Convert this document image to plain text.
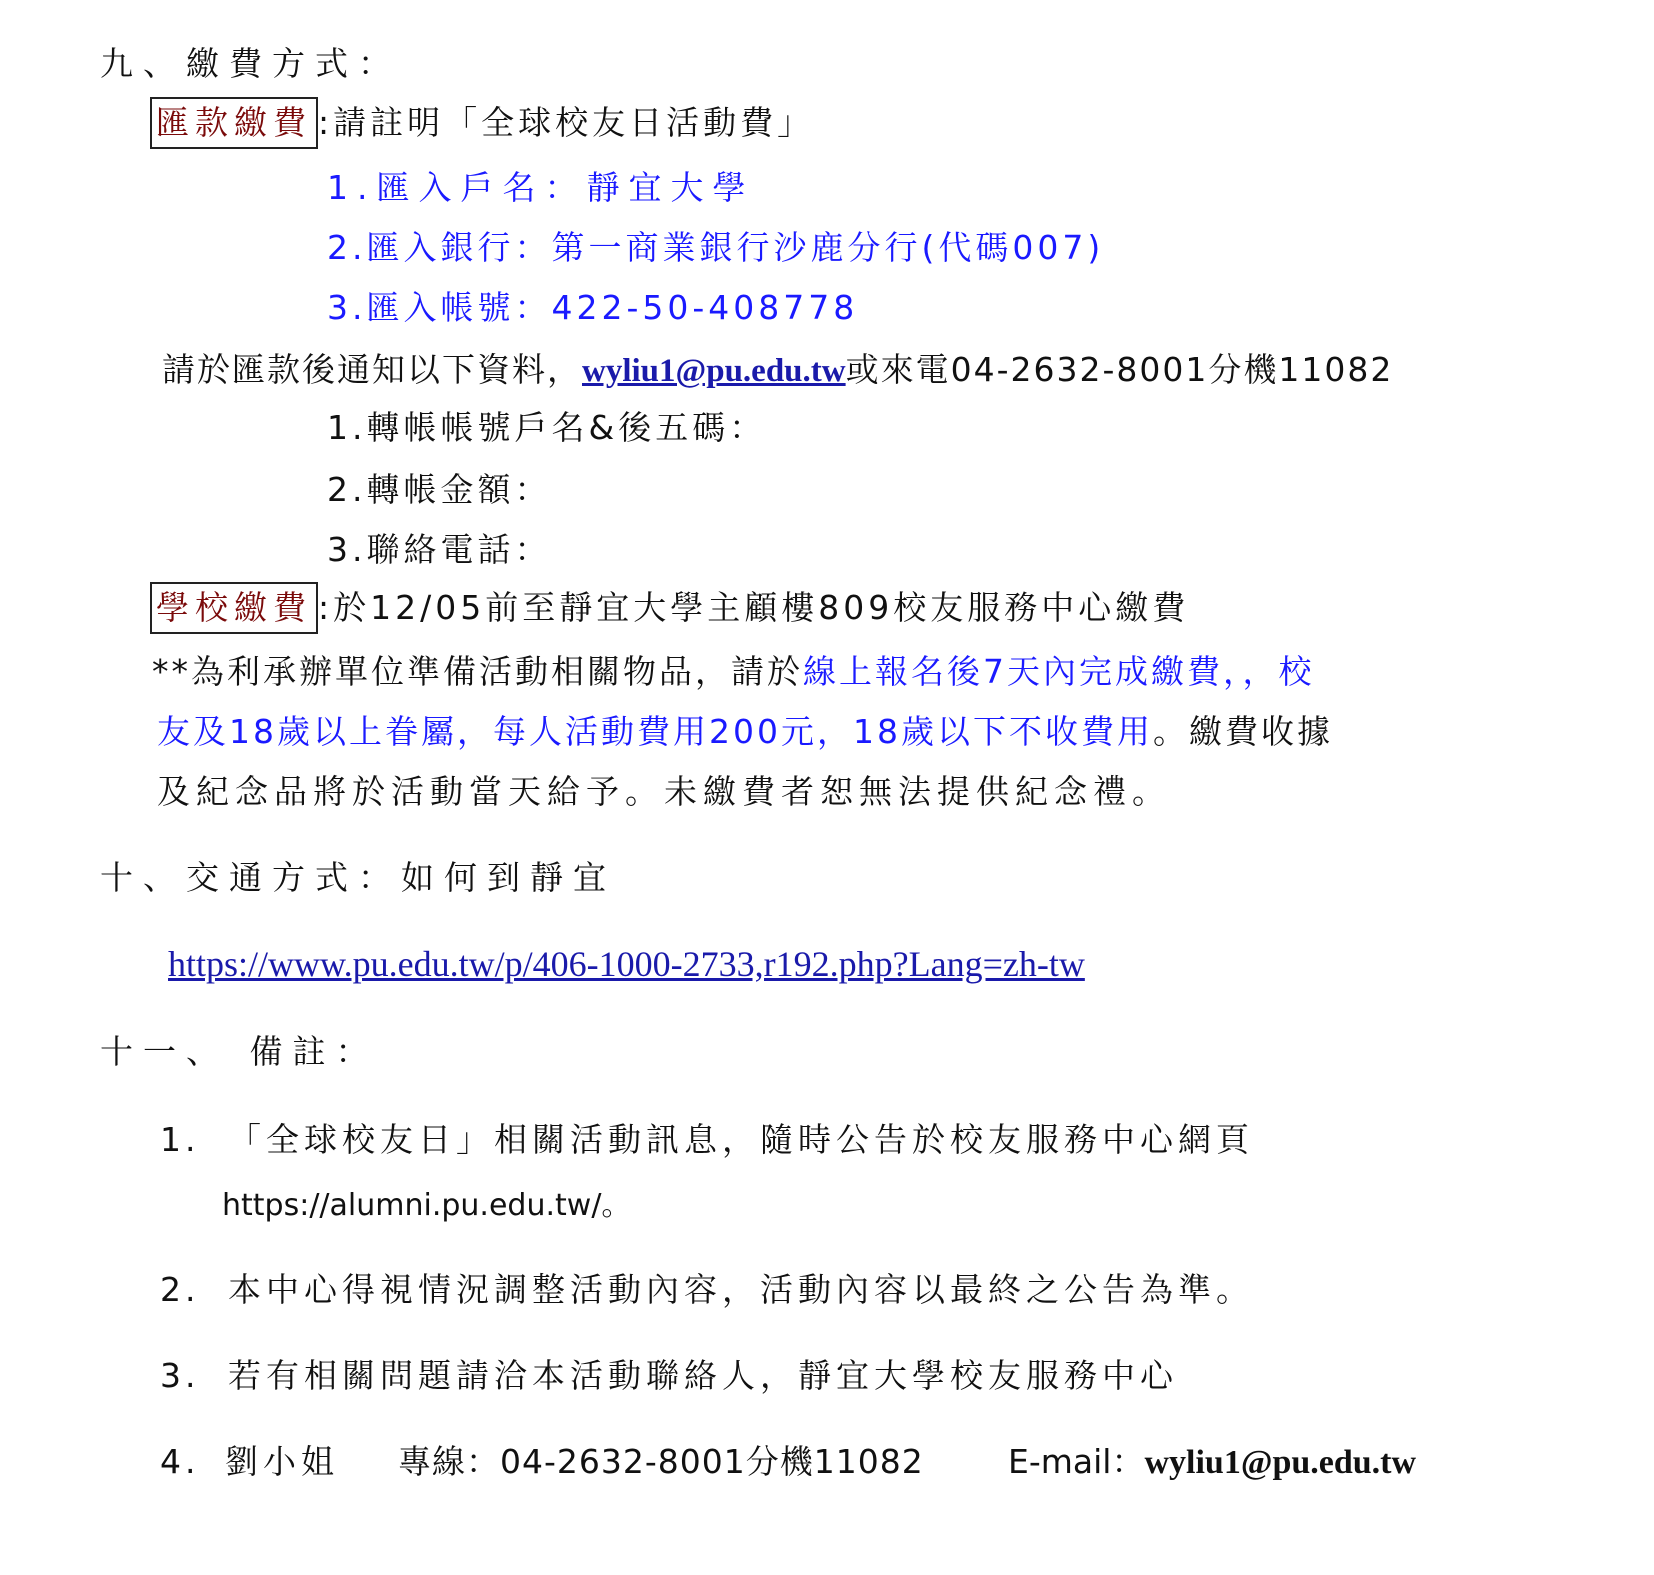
九、繳費方式：
匯款繳費 :請註明「全球校友日活動費」
1.匯入戶名：靜宜大學
2.匯入銀行：第一商業銀行沙鹿分行(代碼007)
3.匯入帳號：422-50-408778
請於匯款後通知以下資料，wyliu1@pu.edu.tw或來電04-2632-8001分機11082
1.轉帳帳號戶名&後五碼：
2.轉帳金額：
3.聯絡電話：
學校繳費 :於12/05前至靜宜大學主顧樓809校友服務中心繳費
**為利承辦單位準備活動相關物品，請於線上報名後7天內完成繳費，，校
友及18歲以上眷屬，每人活動費用200元，18歲以下不收費用。繳費收據
及紀念品將於活動當天給予。未繳費者恕無法提供紀念禮。
十、交通方式：如何到靜宜
https://www.pu.edu.tw/p/406-1000-2733,r192.php?Lang=zh-tw
十一、 備註：
1. 「全球校友日」相關活動訊息，隨時公告於校友服務中心網頁
https://alumni.pu.edu.tw/。
2. 本中心得視情況調整活動內容，活動內容以最終之公告為準。
3. 若有相關問題請洽本活動聯絡人，靜宜大學校友服務中心
4. 劉小姐 專線：04-2632-8001分機11082	E-mail：wyliu1@pu.edu.tw
